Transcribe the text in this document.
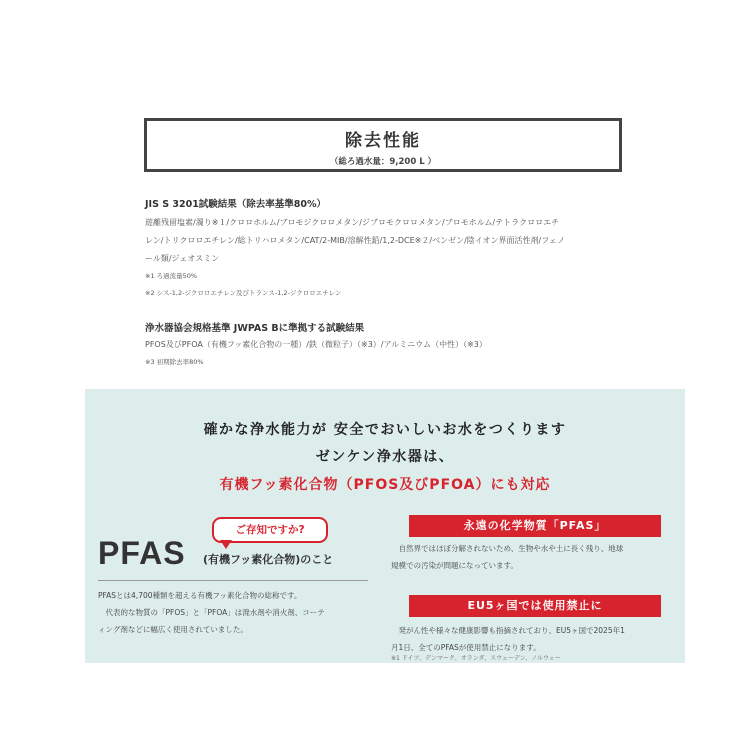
除去性能
（総ろ過水量：9,200 L ）
JIS S 3201試験結果（除去率基準80%）
遊離残留塩素/濁り※１/クロロホルム/ブロモジクロロメタン/ジブロモクロロメタン/ブロモホルム/テトラクロロエチ
レン/トリクロロエチレン/総トリハロメタン/CAT/2-MIB/溶解性鉛/1,2-DCE※２/ベンゼン/陰イオン界面活性剤/フェノ
ール類/ジェオスミン
※1 ろ過流量50%
※2 シス-1,2-ジクロロエチレン及びトランス-1,2-ジクロロエチレン
浄水器協会規格基準 JWPAS Bに準拠する試験結果
PFOS及びPFOA（有機フッ素化合物の一種）/鉄（微粒子）（※3）/アルミニウム（中性）（※3）
※3 初期除去率80%
確かな浄水能力が 安全でおいしいお水をつくります
ゼンケン浄水器は、
有機フッ素化合物（PFOS及びPFOA）にも対応
ご存知ですか?
PFAS (有機フッ素化合物)のこと
PFASとは4,700種類を超える有機フッ素化合物の総称です。
　代表的な物質の「PFOS」と「PFOA」は溌水剤や消火剤、コーテ
ィング剤などに幅広く使用されていました。
永遠の化学物質「PFAS」
　自然界ではほぼ分解されないため、生物や水や土に長く残り、地球
規模での汚染が問題になっています。
EU5ヶ国では使用禁止に
　発がん性や様々な健康影響も指摘されており、EU5ヶ国で2025年1
月1日、全てのPFASが使用禁止になります。
※1 ドイツ、デンマーク、オランダ、スウェーデン、ノルウェー
